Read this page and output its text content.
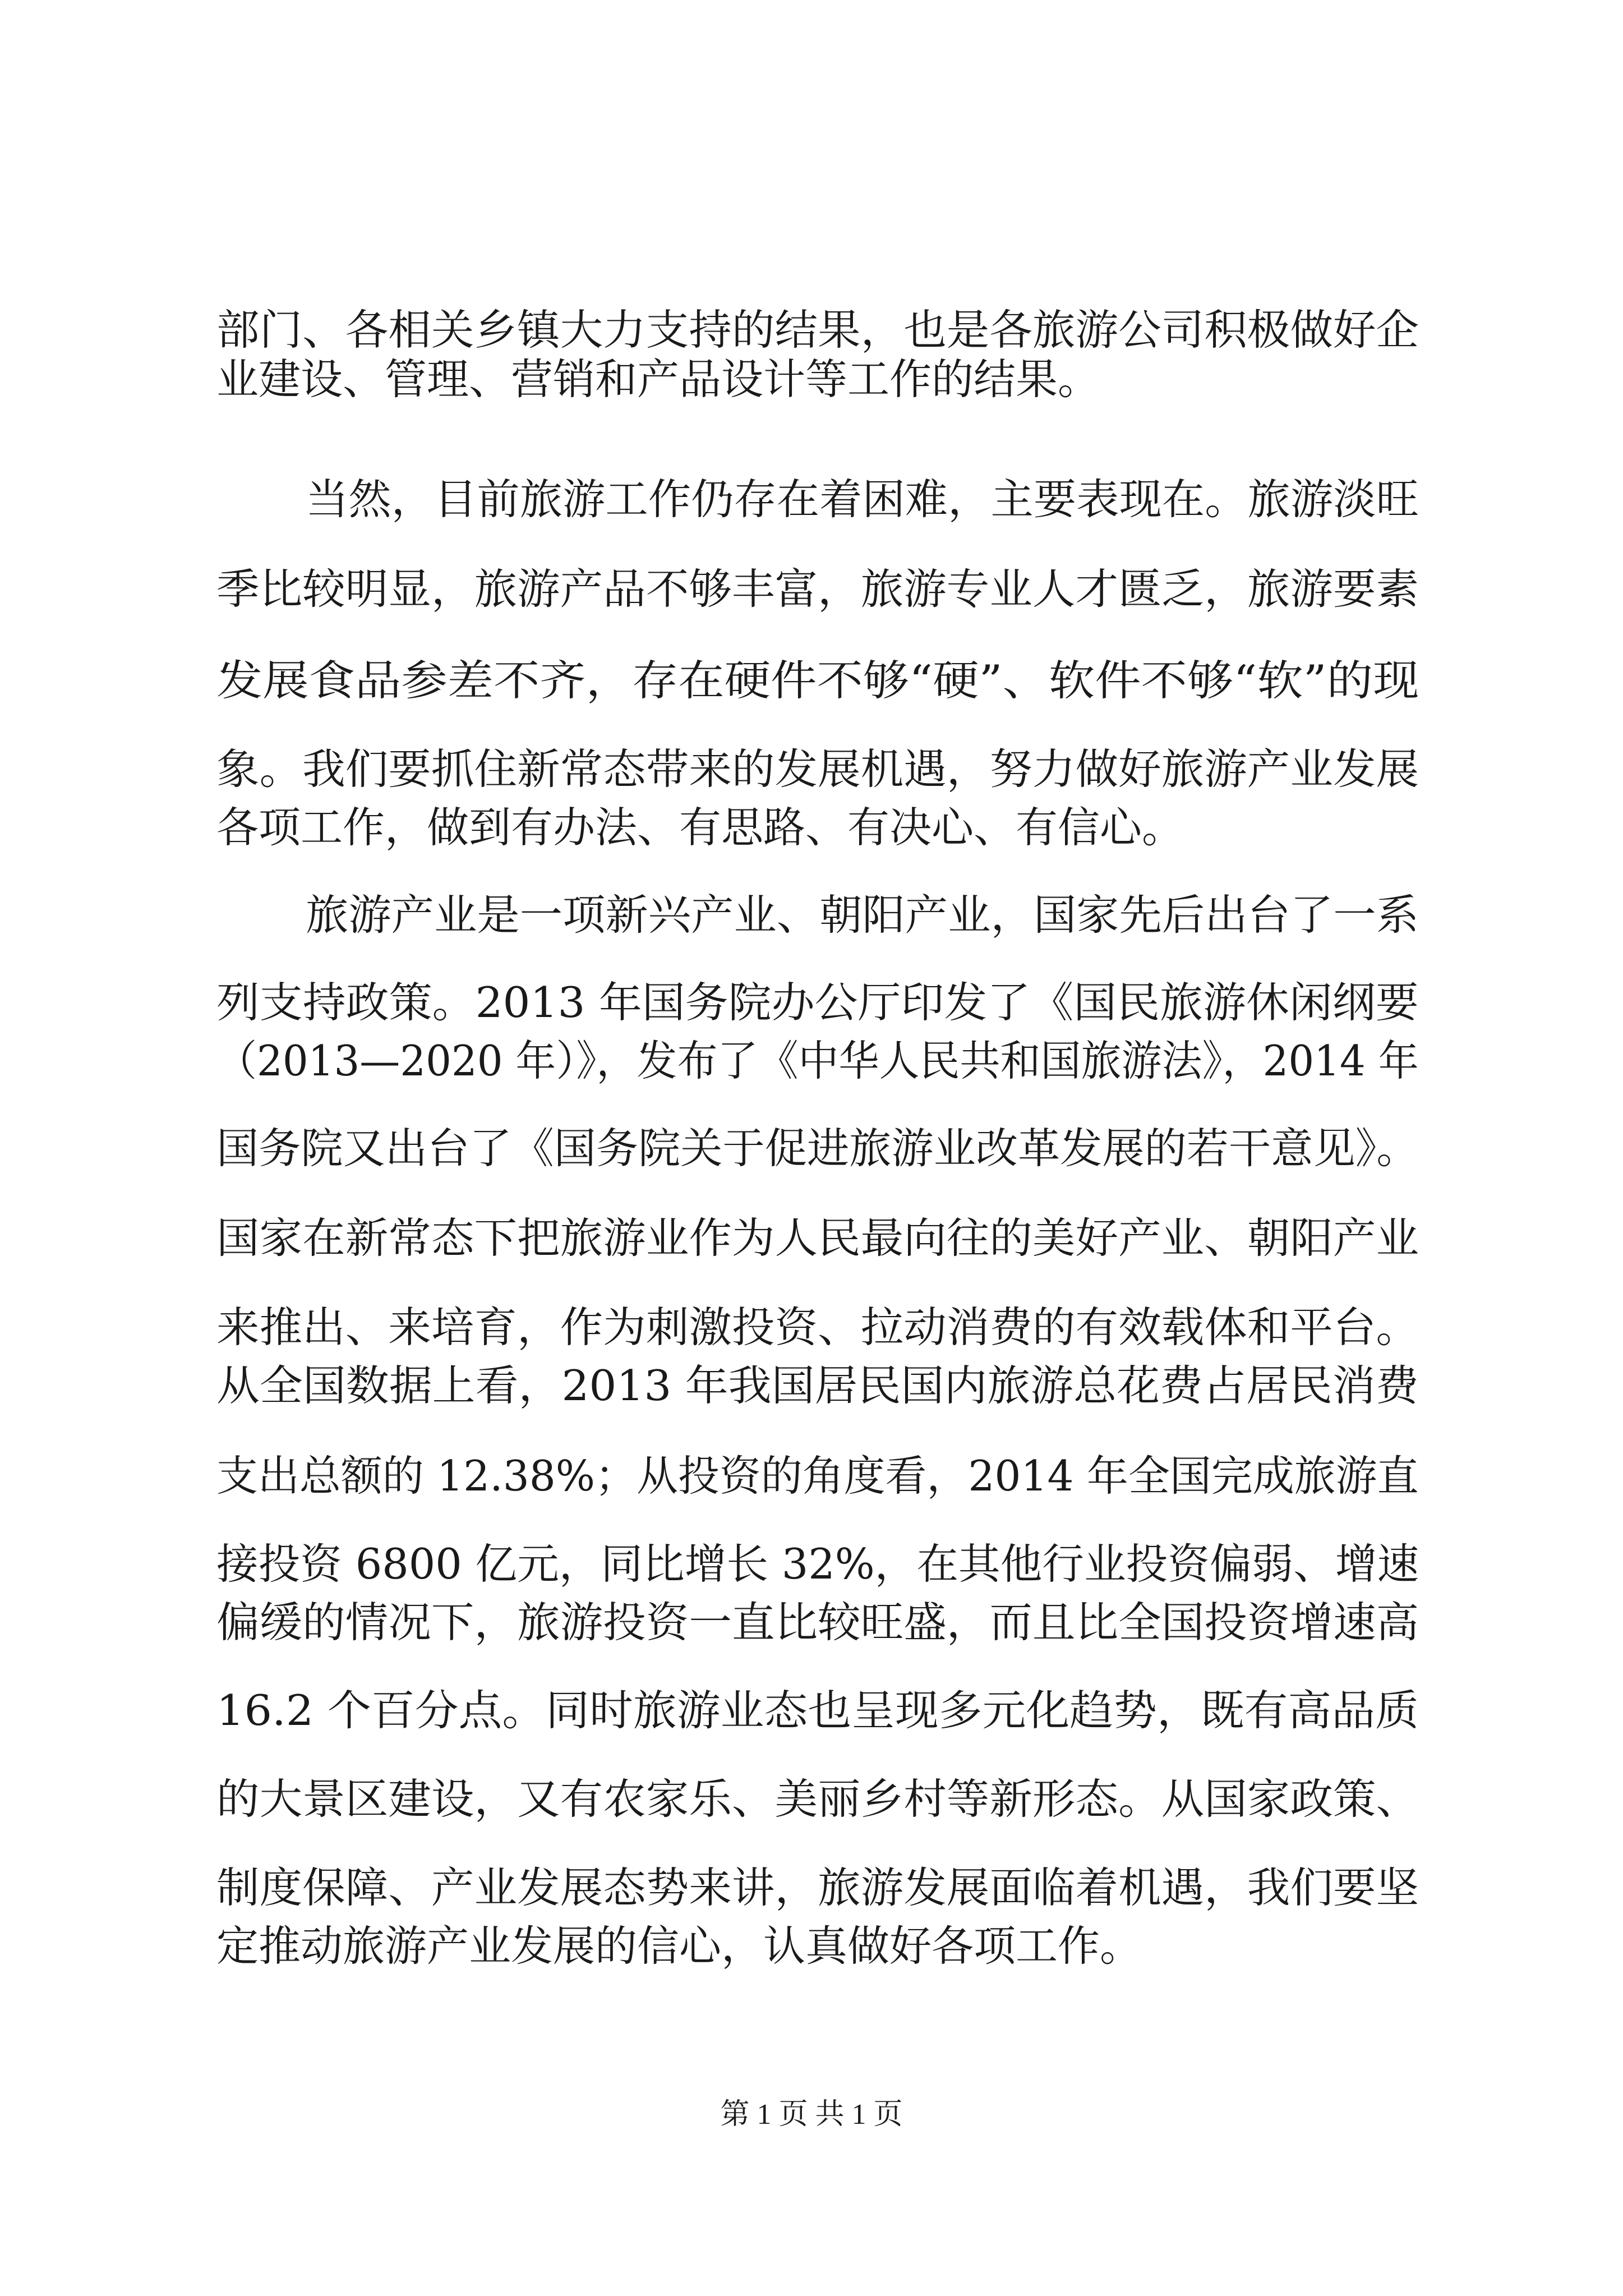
部门、各相关乡镇大力支持的结果，也是各旅游公司积极做好企

业建设、管理、营销和产品设计等工作的结果。

当然，目前旅游工作仍存在着困难，主要表现在。旅游淡旺

季比较明显，旅游产品不够丰富，旅游专业人才匮乏，旅游要素

发展食品参差不齐，存在硬件不够“硬”、软件不够“软”的现

象。我们要抓住新常态带来的发展机遇，努力做好旅游产业发展

各项工作，做到有办法、有思路、有决心、有信心。

旅游产业是一项新兴产业、朝阳产业，国家先后出台了一系

列支持政策。2013 年国务院办公厅印发了《国民旅游休闲纲要

（2013—2020 年）》，发布了《中华人民共和国旅游法》，2014 年

国务院又出台了《国务院关于促进旅游业改革发展的若干意见》。

国家在新常态下把旅游业作为人民最向往的美好产业、朝阳产业

来推出、来培育，作为刺激投资、拉动消费的有效载体和平台。

从全国数据上看，2013 年我国居民国内旅游总花费占居民消费

支出总额的 12.38%；从投资的角度看，2014 年全国完成旅游直

接投资 6800 亿元，同比增长 32%，在其他行业投资偏弱、增速

偏缓的情况下，旅游投资一直比较旺盛，而且比全国投资增速高

16.2 个百分点。同时旅游业态也呈现多元化趋势，既有高品质

的大景区建设，又有农家乐、美丽乡村等新形态。从国家政策、

制度保障、产业发展态势来讲，旅游发展面临着机遇，我们要坚

定推动旅游产业发展的信心，认真做好各项工作。

第 1 页 共 1 页
